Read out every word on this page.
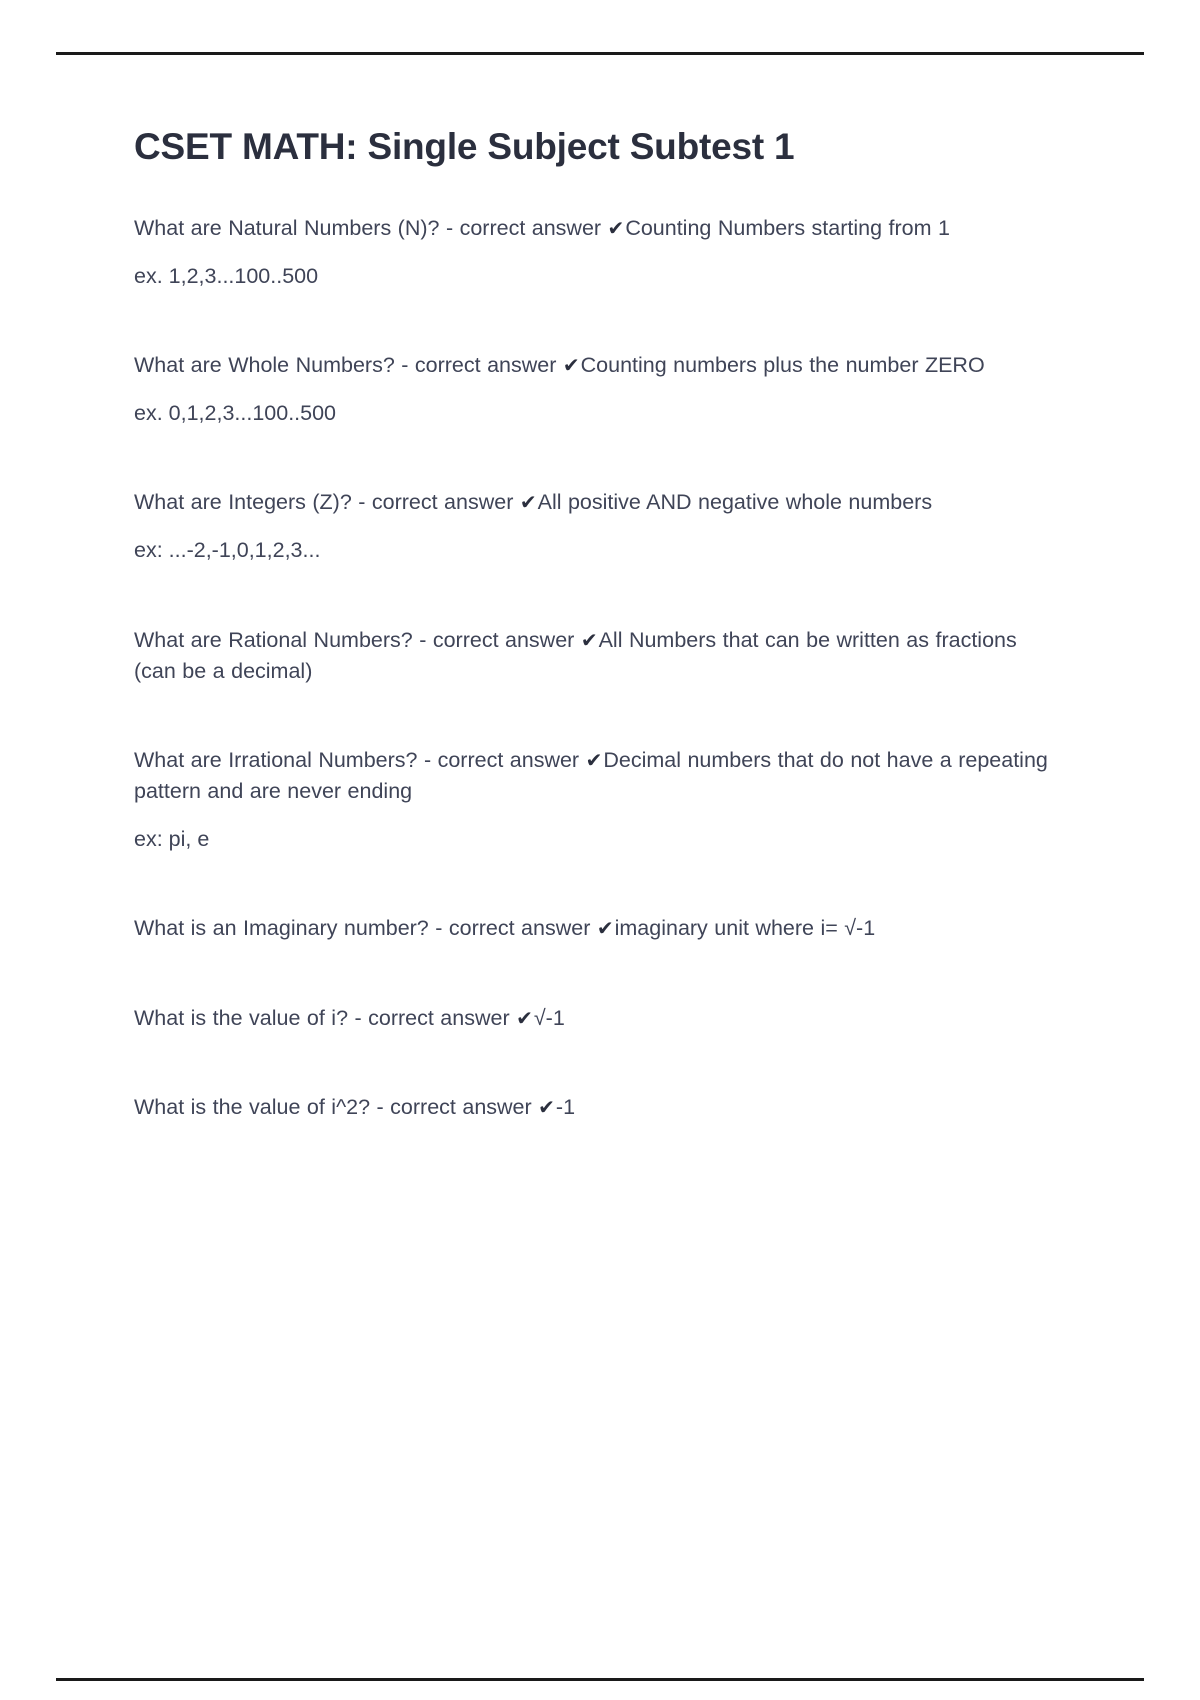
CSET MATH: Single Subject Subtest 1

What are Natural Numbers (N)? - correct answer ✔Counting Numbers starting from 1

ex. 1,2,3...100..500

What are Whole Numbers? - correct answer ✔Counting numbers plus the number ZERO

ex. 0,1,2,3...100..500

What are Integers (Z)? - correct answer ✔All positive AND negative whole numbers

ex: ...-2,-1,0,1,2,3...

What are Rational Numbers? - correct answer ✔All Numbers that can be written as fractions (can be a decimal)

What are Irrational Numbers? - correct answer ✔Decimal numbers that do not have a repeating pattern and are never ending

ex: pi, e

What is an Imaginary number? - correct answer ✔imaginary unit where i= √-1

What is the value of i? - correct answer ✔√-1

What is the value of i^2? - correct answer ✔-1
